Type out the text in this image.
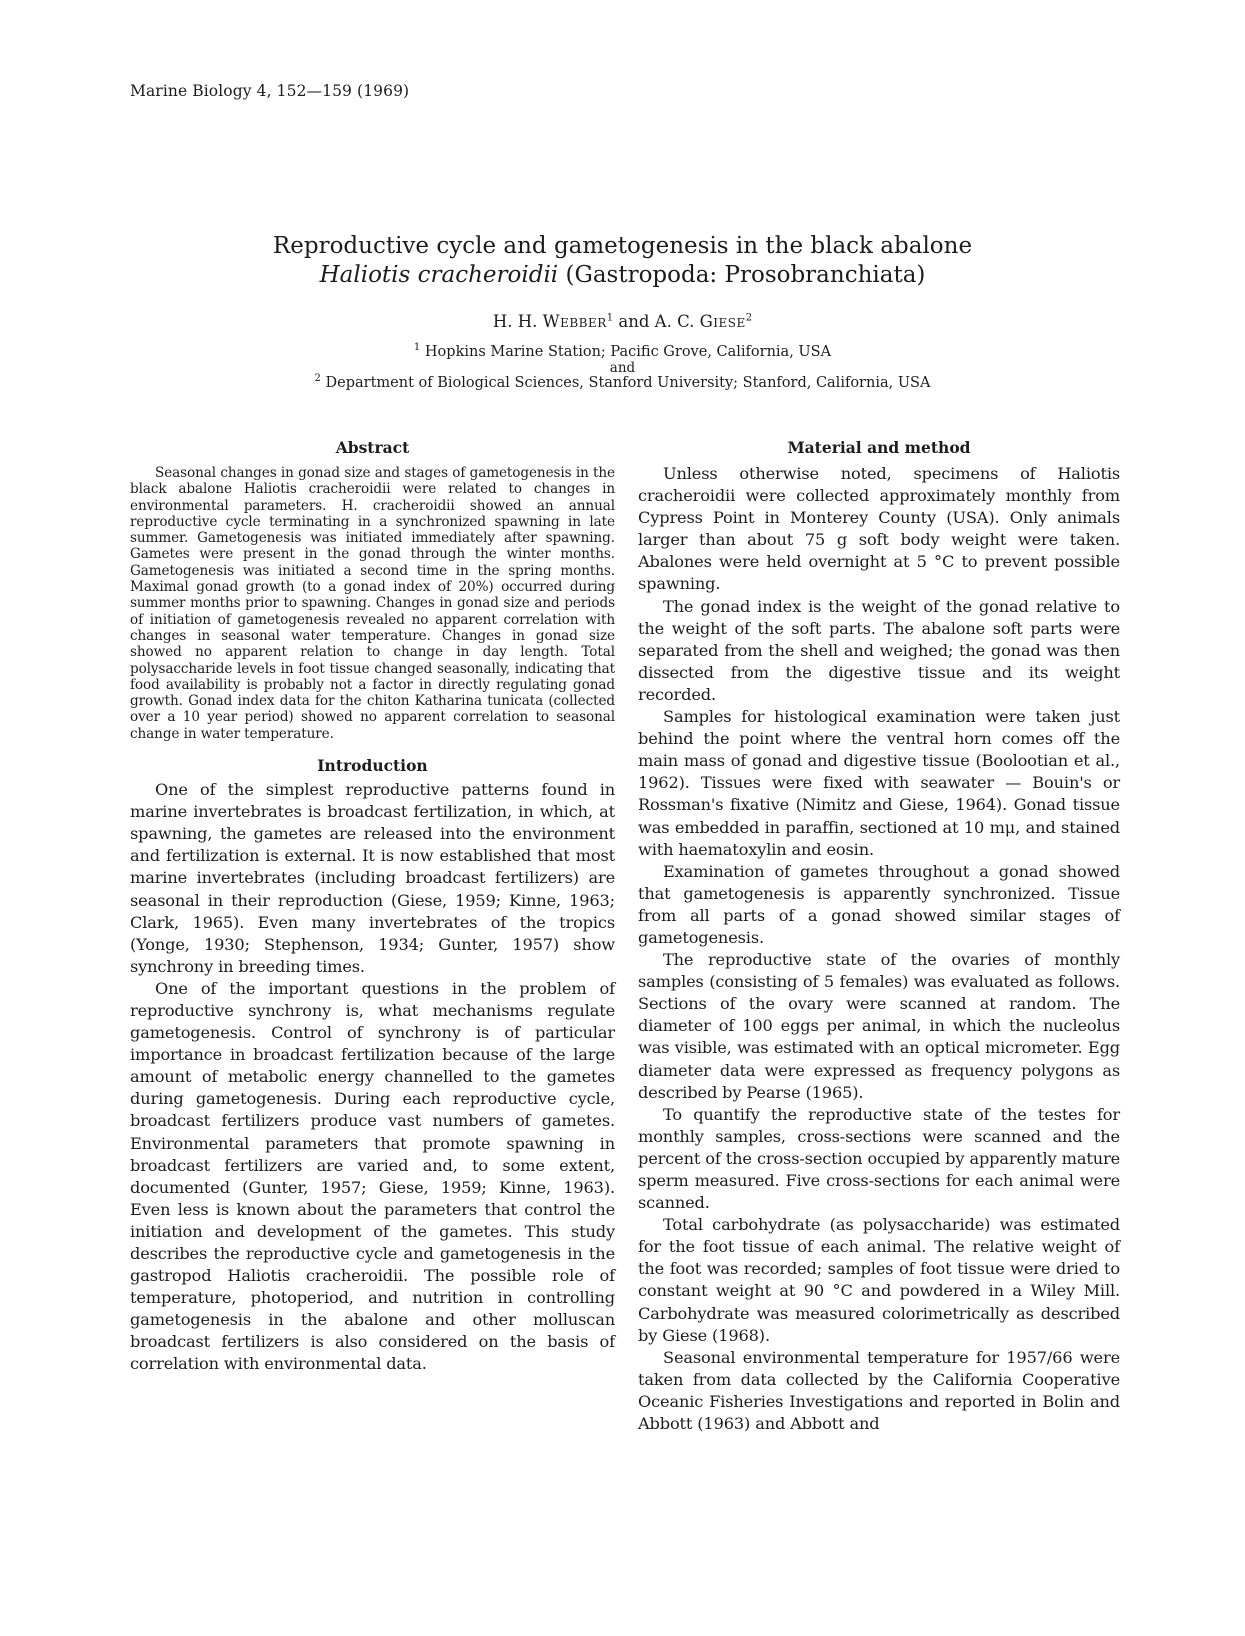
Marine Biology 4, 152—159 (1969)
Reproductive cycle and gametogenesis in the black abalone
Haliotis cracheroidii (Gastropoda: Prosobranchiata)
H. H. Webber$^1$ and A. C. Giese$^2$
$^1$ Hopkins Marine Station; Pacific Grove, California, USA
and
$^2$ Department of Biological Sciences, Stanford University; Stanford, California, USA
Abstract

Seasonal changes in gonad size and stages of gametogenesis in the black abalone Haliotis cracheroidii were related to changes in environmental parameters. H. cracheroidii showed an annual reproductive cycle terminating in a synchronized spawning in late summer. Gametogenesis was initiated immediately after spawning. Gametes were present in the gonad through the winter months. Gametogenesis was initiated a second time in the spring months. Maximal gonad growth (to a gonad index of 20%) occurred during summer months prior to spawning. Changes in gonad size and periods of initiation of gametogenesis revealed no apparent correlation with changes in seasonal water temperature. Changes in gonad size showed no apparent relation to change in day length. Total polysaccharide levels in foot tissue changed seasonally, indicating that food availability is probably not a factor in directly regulating gonad growth. Gonad index data for the chiton Katharina tunicata (collected over a 10 year period) showed no apparent correlation to seasonal change in water temperature.

Introduction

One of the simplest reproductive patterns found in marine invertebrates is broadcast fertilization, in which, at spawning, the gametes are released into the environment and fertilization is external. It is now established that most marine invertebrates (including broadcast fertilizers) are seasonal in their reproduction (Giese, 1959; Kinne, 1963; Clark, 1965). Even many invertebrates of the tropics (Yonge, 1930; Stephenson, 1934; Gunter, 1957) show synchrony in breeding times.

One of the important questions in the problem of reproductive synchrony is, what mechanisms regulate gametogenesis. Control of synchrony is of particular importance in broadcast fertilization because of the large amount of metabolic energy channelled to the gametes during gametogenesis. During each reproductive cycle, broadcast fertilizers produce vast numbers of gametes. Environmental parameters that promote spawning in broadcast fertilizers are varied and, to some extent, documented (Gunter, 1957; Giese, 1959; Kinne, 1963). Even less is known about the parameters that control the initiation and development of the gametes. This study describes the reproductive cycle and gametogenesis in the gastropod Haliotis cracheroidii. The possible role of temperature, photoperiod, and nutrition in controlling gametogenesis in the abalone and other molluscan broadcast fertilizers is also considered on the basis of correlation with environmental data.

Material and method

Unless otherwise noted, specimens of Haliotis cracheroidii were collected approximately monthly from Cypress Point in Monterey County (USA). Only animals larger than about 75 g soft body weight were taken. Abalones were held overnight at 5 °C to prevent possible spawning.

The gonad index is the weight of the gonad relative to the weight of the soft parts. The abalone soft parts were separated from the shell and weighed; the gonad was then dissected from the digestive tissue and its weight recorded.

Samples for histological examination were taken just behind the point where the ventral horn comes off the main mass of gonad and digestive tissue (Boolootian et al., 1962). Tissues were fixed with seawater — Bouin's or Rossman's fixative (Nimitz and Giese, 1964). Gonad tissue was embedded in paraffin, sectioned at 10 mμ, and stained with haematoxylin and eosin.

Examination of gametes throughout a gonad showed that gametogenesis is apparently synchronized. Tissue from all parts of a gonad showed similar stages of gametogenesis.

The reproductive state of the ovaries of monthly samples (consisting of 5 females) was evaluated as follows. Sections of the ovary were scanned at random. The diameter of 100 eggs per animal, in which the nucleolus was visible, was estimated with an optical micrometer. Egg diameter data were expressed as frequency polygons as described by Pearse (1965).

To quantify the reproductive state of the testes for monthly samples, cross-sections were scanned and the percent of the cross-section occupied by apparently mature sperm measured. Five cross-sections for each animal were scanned.

Total carbohydrate (as polysaccharide) was estimated for the foot tissue of each animal. The relative weight of the foot was recorded; samples of foot tissue were dried to constant weight at 90 °C and powdered in a Wiley Mill. Carbohydrate was measured colorimetrically as described by Giese (1968).

Seasonal environmental temperature for 1957/66 were taken from data collected by the California Cooperative Oceanic Fisheries Investigations and reported in Bolin and Abbott (1963) and Abbott and
